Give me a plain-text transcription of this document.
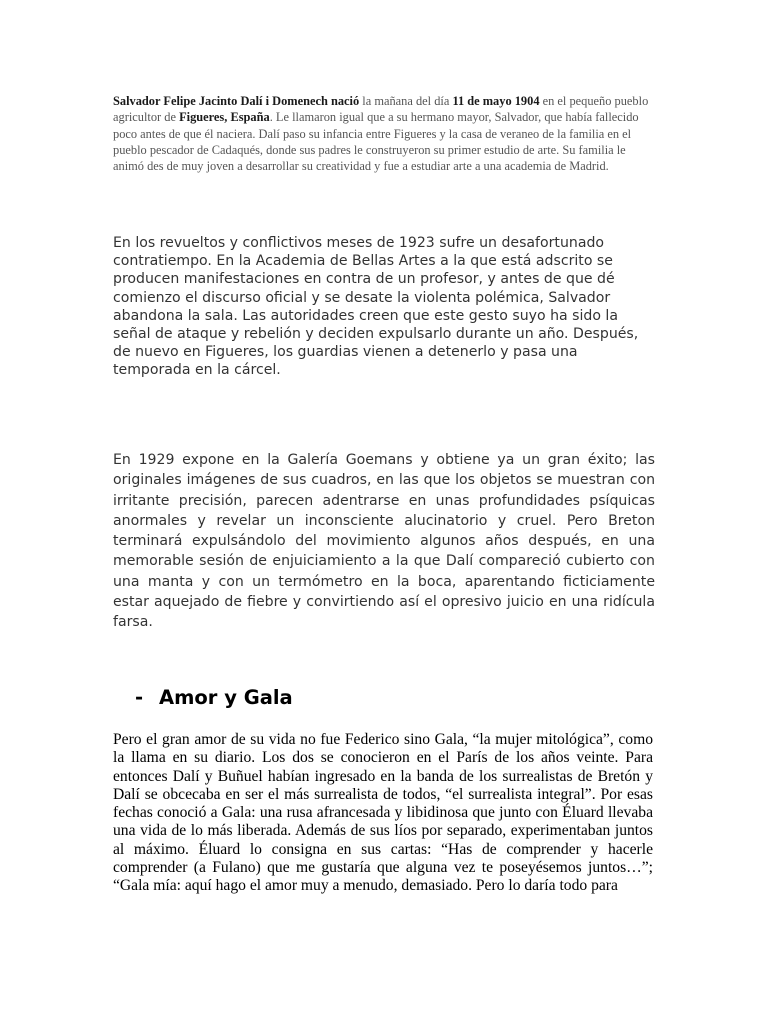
Salvador Felipe Jacinto Dalí i Domenech nació la mañana del día 11 de mayo 1904 en el pequeño pueblo agricultor de Figueres, España. Le llamaron igual que a su hermano mayor, Salvador, que había fallecido poco antes de que él naciera. Dalí paso su infancia entre Figueres y la casa de veraneo de la familia en el pueblo pescador de Cadaqués, donde sus padres le construyeron su primer estudio de arte. Su familia le animó des de muy joven a desarrollar su creatividad y fue a estudiar arte a una academia de Madrid.

En los revueltos y conflictivos meses de 1923 sufre un desafortunado contratiempo. En la Academia de Bellas Artes a la que está adscrito se producen manifestaciones en contra de un profesor, y antes de que dé comienzo el discurso oficial y se desate la violenta polémica, Salvador abandona la sala. Las autoridades creen que este gesto suyo ha sido la señal de ataque y rebelión y deciden expulsarlo durante un año. Después, de nuevo en Figueres, los guardias vienen a detenerlo y pasa una temporada en la cárcel.

En 1929 expone en la Galería Goemans y obtiene ya un gran éxito; las originales imágenes de sus cuadros, en las que los objetos se muestran con irritante precisión, parecen adentrarse en unas profundidades psíquicas anormales y revelar un inconsciente alucinatorio y cruel. Pero Breton terminará expulsándolo del movimiento algunos años después, en una memorable sesión de enjuiciamiento a la que Dalí compareció cubierto con una manta y con un termómetro en la boca, aparentando ficticiamente estar aquejado de fiebre y convirtiendo así el opresivo juicio en una ridícula farsa.

- Amor y Gala

Pero el gran amor de su vida no fue Federico sino Gala, “la mujer mitológica”, como la llama en su diario. Los dos se conocieron en el París de los años veinte. Para entonces Dalí y Buñuel habían ingresado en la banda de los surrealistas de Bretón y Dalí se obcecaba en ser el más surrealista de todos, “el surrealista integral”. Por esas fechas conoció a Gala: una rusa afrancesada y libidinosa que junto con Éluard llevaba una vida de lo más liberada. Además de sus líos por separado, experimentaban juntos al máximo. Éluard lo consigna en sus cartas: “Has de comprender y hacerle comprender (a Fulano) que me gustaría que alguna vez te poseyésemos juntos…”; “Gala mía: aquí hago el amor muy a menudo, demasiado. Pero lo daría todo para
